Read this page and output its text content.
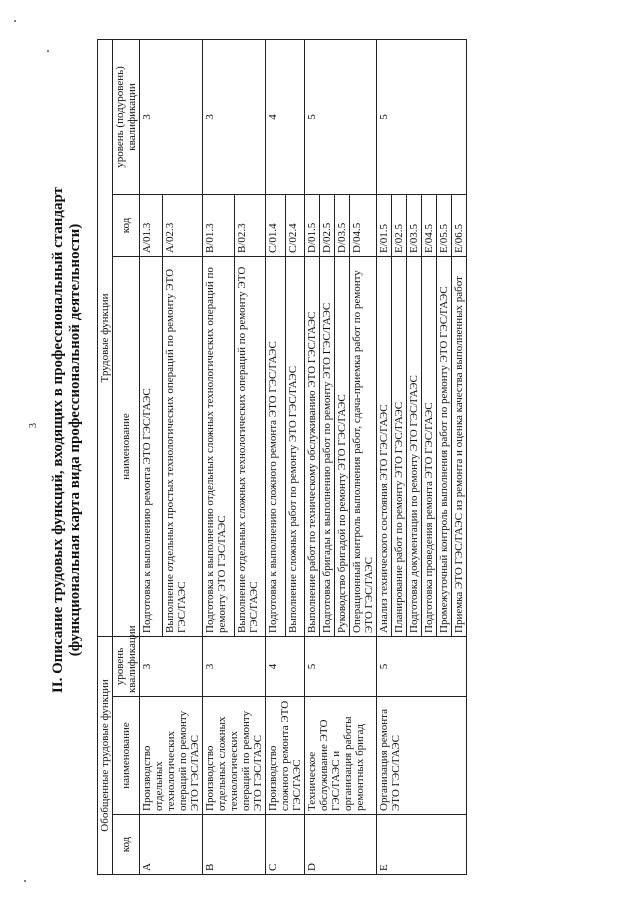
3 II. Описание трудовых функций, входящих в профессиональный стандарт (функциональная карта вида профессиональной деятельности)
Обобщенные трудовые функции			Трудовые функции		
код	наименование	уровень квалификации	наименование	код	уровень (подуровень) квалификации
A	Производство отдельных технологических операций по ремонту ЭТО ГЭС/ГАЭС	3	Подготовка к выполнению ремонта ЭТО ГЭС/ГАЭС	A/01.3	3
			Выполнение отдельных простых технологических операций по ремонту ЭТО ГЭС/ГАЭС	A/02.3	
B	Производство отдельных сложных технологических операций по ремонту ЭТО ГЭС/ГАЭС	3	Подготовка к выполнению отдельных сложных технологических операций по ремонту ЭТО ГЭС/ГАЭС	B/01.3	3
			Выполнение отдельных сложных технологических операций по ремонту ЭТО ГЭС/ГАЭС	B/02.3	
C	Производство сложного ремонта ЭТО ГЭС/ГАЭС	4	Подготовка к выполнению сложного ремонта ЭТО ГЭС/ГАЭС	C/01.4	4
			Выполнение сложных работ по ремонту ЭТО ГЭС/ГАЭС	C/02.4	
D	Техническое обслуживание ЭТО ГЭС/ГАЭС и организация работы ремонтных бригад	5	Выполнение работ по техническому обслуживанию ЭТО ГЭС/ГАЭС	D/01.5	5
			Подготовка бригады к выполнению работ по ремонту ЭТО ГЭС/ГАЭС	D/02.5	
			Руководство бригадой по ремонту ЭТО ГЭС/ГАЭС	D/03.5	
			Операционный контроль выполнения работ, сдача-приемка работ по ремонту ЭТО ГЭС/ГАЭС	D/04.5	
E	Организация ремонта ЭТО ГЭС/ГАЭС	5	Анализ технического состояния ЭТО ГЭС/ГАЭС	E/01.5	5
			Планирование работ по ремонту ЭТО ГЭС/ГАЭС	E/02.5	
			Подготовка документации по ремонту ЭТО ГЭС/ГАЭС	E/03.5	
			Подготовка проведения ремонта ЭТО ГЭС/ГАЭС	E/04.5	
			Промежуточный контроль выполнения работ по ремонту ЭТО ГЭС/ГАЭС	E/05.5	
			Приемка ЭТО ГЭС/ГАЭС из ремонта и оценка качества выполненных работ	E/06.5	
